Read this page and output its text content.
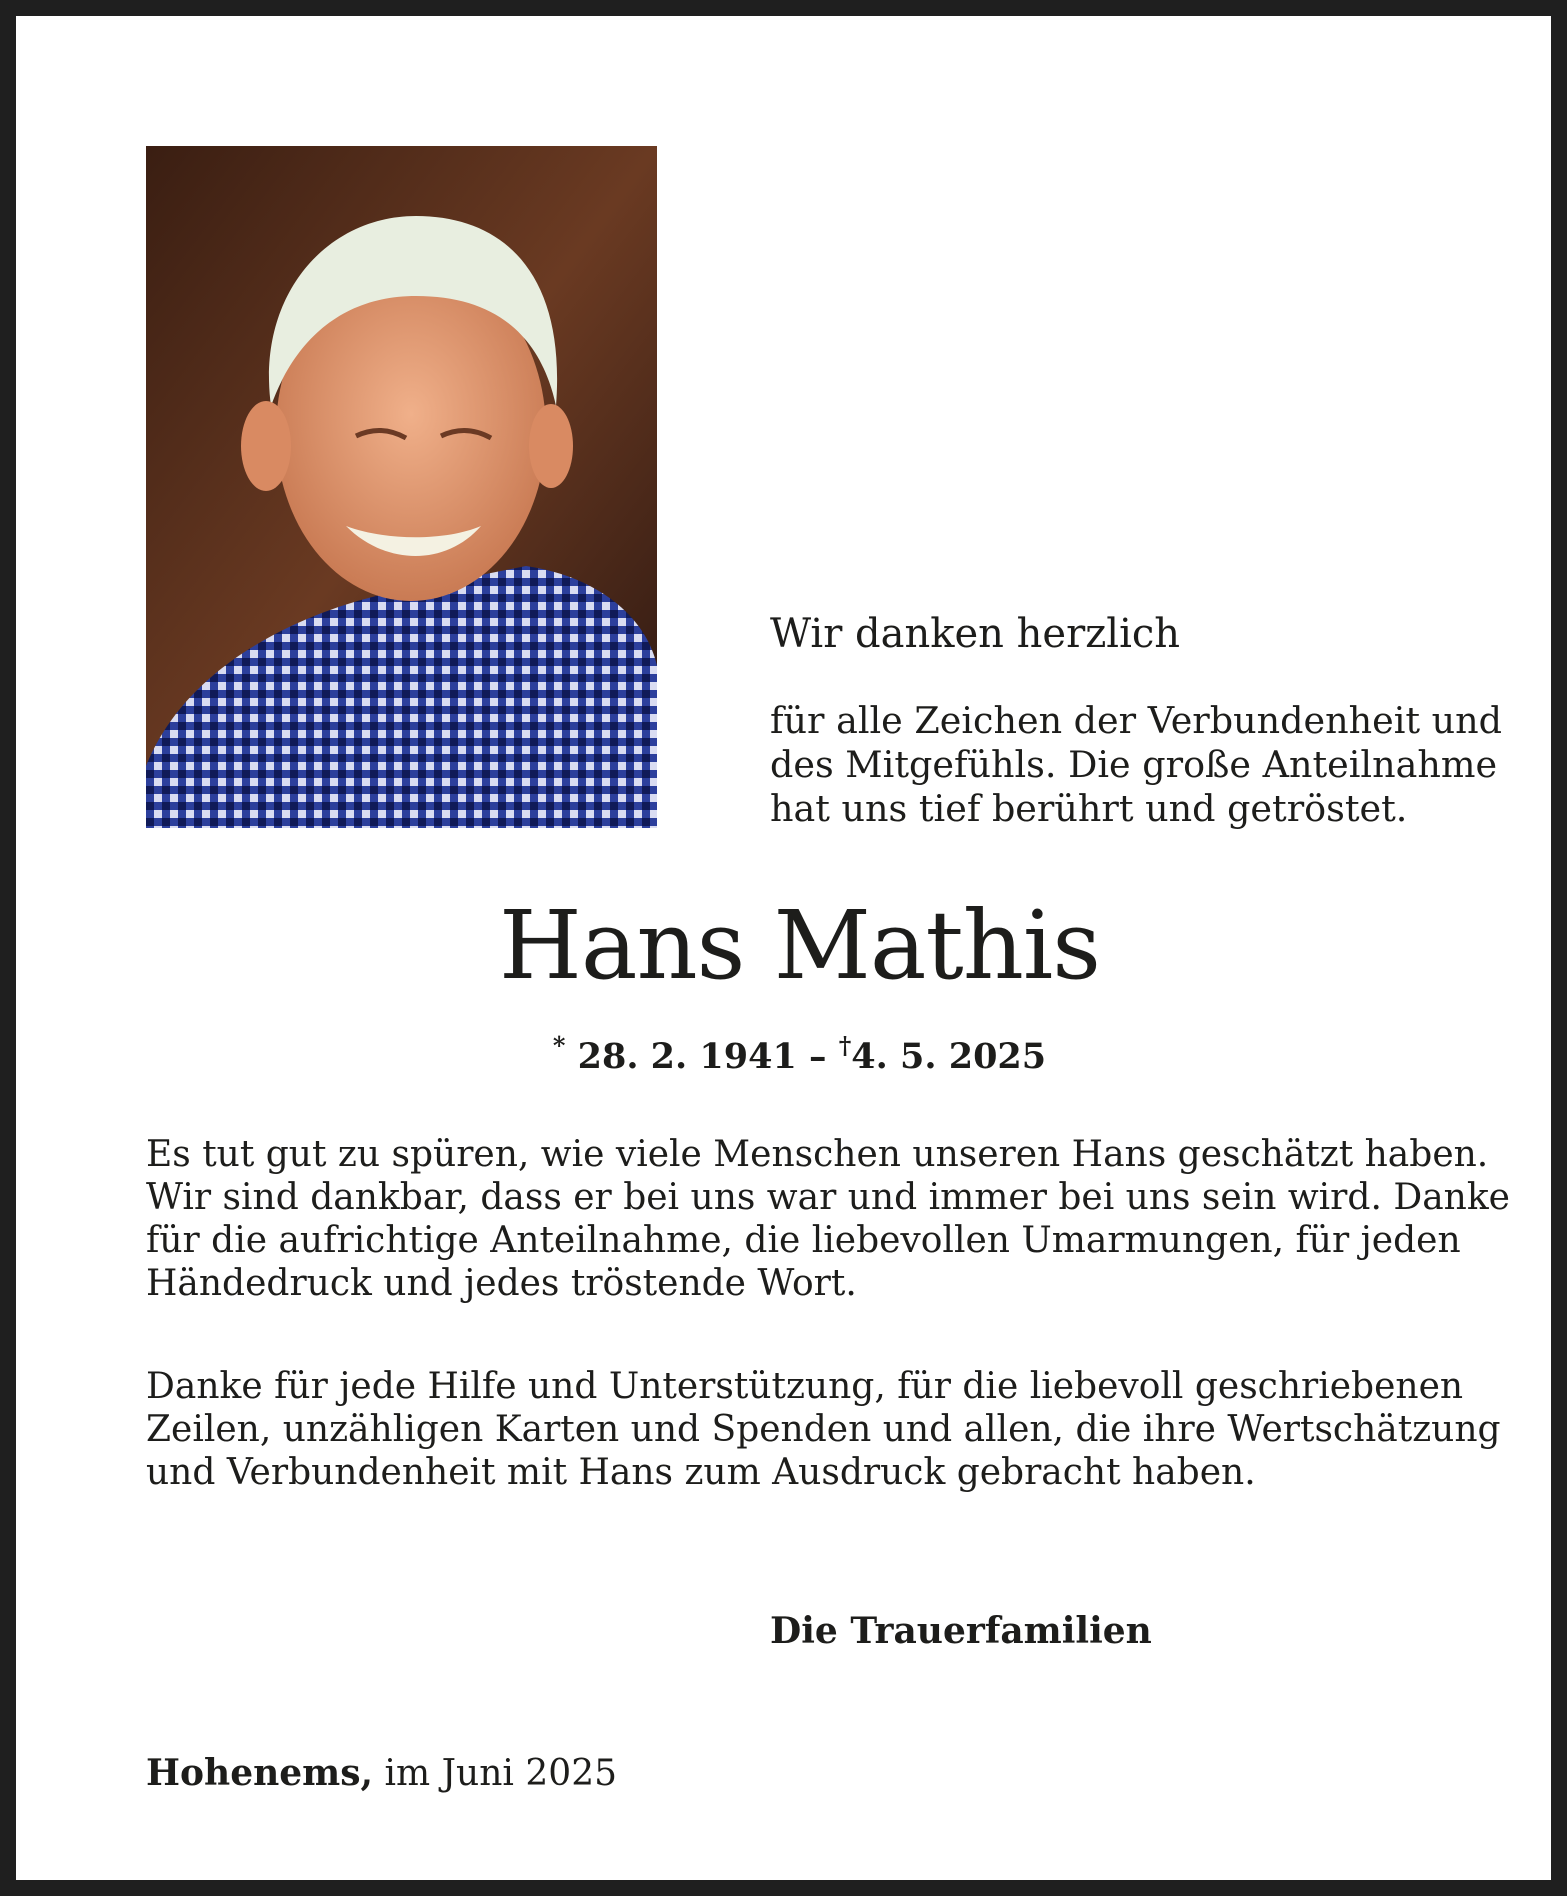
Wir danken herzlich
für alle Zeichen der Verbundenheit und
des Mitgefühls. Die große Anteilnahme
hat uns tief berührt und getröstet.
Hans Mathis
* 28. 2. 1941 – †4. 5. 2025
Es tut gut zu spüren, wie viele Menschen unseren Hans geschätzt haben.
Wir sind dankbar, dass er bei uns war und immer bei uns sein wird. Danke
für die aufrichtige Anteilnahme, die liebevollen Umarmungen, für jeden
Händedruck und jedes tröstende Wort.
Danke für jede Hilfe und Unterstützung, für die liebevoll geschriebenen
Zeilen, unzähligen Karten und Spenden und allen, die ihre Wertschätzung
und Verbundenheit mit Hans zum Ausdruck gebracht haben.
Die Trauerfamilien
Hohenems, im Juni 2025
